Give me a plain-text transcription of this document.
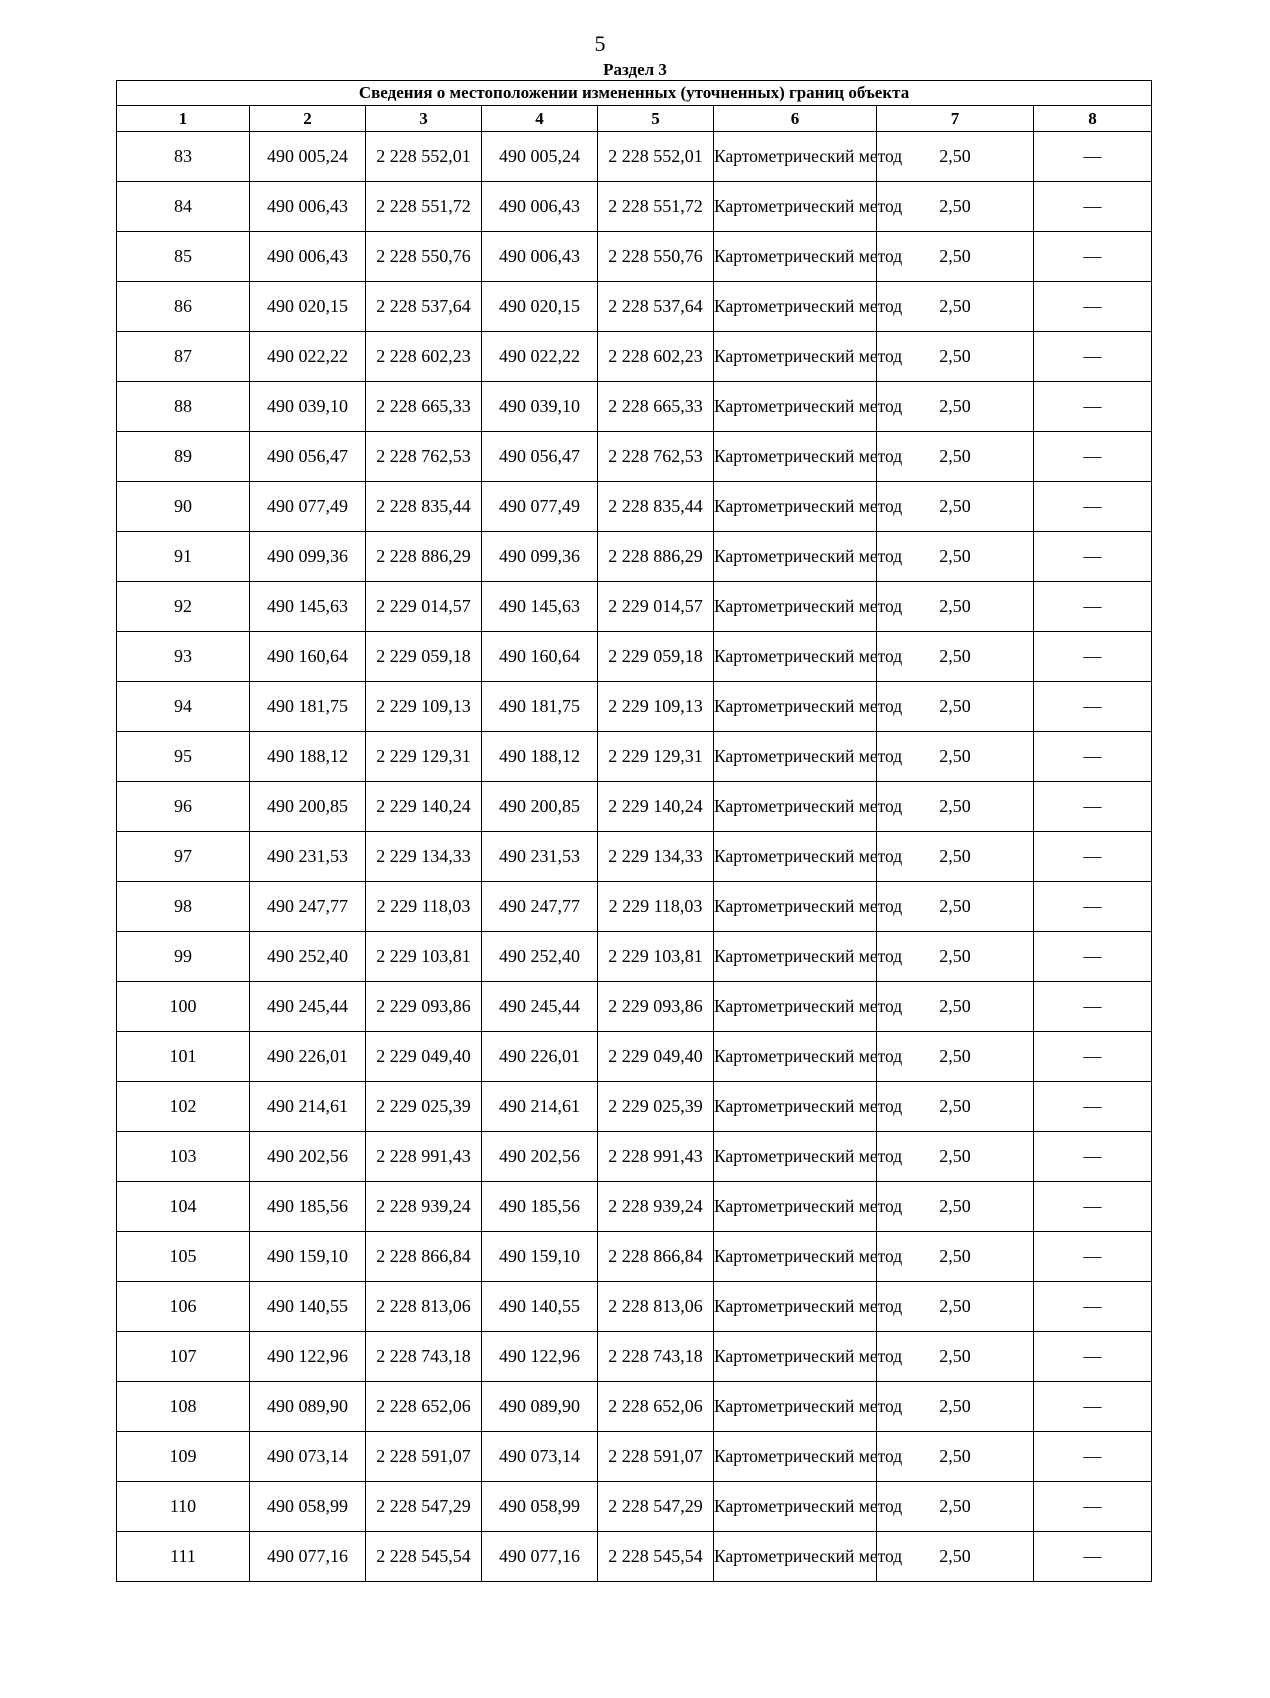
5
Раздел 3
Сведения о местоположении измененных (уточненных) границ объекта							
1	2	3	4	5	6	7	8
83	490 005,24	2 228 552,01	490 005,24	2 228 552,01	Картометрический метод	2,50	—
84	490 006,43	2 228 551,72	490 006,43	2 228 551,72	Картометрический метод	2,50	—
85	490 006,43	2 228 550,76	490 006,43	2 228 550,76	Картометрический метод	2,50	—
86	490 020,15	2 228 537,64	490 020,15	2 228 537,64	Картометрический метод	2,50	—
87	490 022,22	2 228 602,23	490 022,22	2 228 602,23	Картометрический метод	2,50	—
88	490 039,10	2 228 665,33	490 039,10	2 228 665,33	Картометрический метод	2,50	—
89	490 056,47	2 228 762,53	490 056,47	2 228 762,53	Картометрический метод	2,50	—
90	490 077,49	2 228 835,44	490 077,49	2 228 835,44	Картометрический метод	2,50	—
91	490 099,36	2 228 886,29	490 099,36	2 228 886,29	Картометрический метод	2,50	—
92	490 145,63	2 229 014,57	490 145,63	2 229 014,57	Картометрический метод	2,50	—
93	490 160,64	2 229 059,18	490 160,64	2 229 059,18	Картометрический метод	2,50	—
94	490 181,75	2 229 109,13	490 181,75	2 229 109,13	Картометрический метод	2,50	—
95	490 188,12	2 229 129,31	490 188,12	2 229 129,31	Картометрический метод	2,50	—
96	490 200,85	2 229 140,24	490 200,85	2 229 140,24	Картометрический метод	2,50	—
97	490 231,53	2 229 134,33	490 231,53	2 229 134,33	Картометрический метод	2,50	—
98	490 247,77	2 229 118,03	490 247,77	2 229 118,03	Картометрический метод	2,50	—
99	490 252,40	2 229 103,81	490 252,40	2 229 103,81	Картометрический метод	2,50	—
100	490 245,44	2 229 093,86	490 245,44	2 229 093,86	Картометрический метод	2,50	—
101	490 226,01	2 229 049,40	490 226,01	2 229 049,40	Картометрический метод	2,50	—
102	490 214,61	2 229 025,39	490 214,61	2 229 025,39	Картометрический метод	2,50	—
103	490 202,56	2 228 991,43	490 202,56	2 228 991,43	Картометрический метод	2,50	—
104	490 185,56	2 228 939,24	490 185,56	2 228 939,24	Картометрический метод	2,50	—
105	490 159,10	2 228 866,84	490 159,10	2 228 866,84	Картометрический метод	2,50	—
106	490 140,55	2 228 813,06	490 140,55	2 228 813,06	Картометрический метод	2,50	—
107	490 122,96	2 228 743,18	490 122,96	2 228 743,18	Картометрический метод	2,50	—
108	490 089,90	2 228 652,06	490 089,90	2 228 652,06	Картометрический метод	2,50	—
109	490 073,14	2 228 591,07	490 073,14	2 228 591,07	Картометрический метод	2,50	—
110	490 058,99	2 228 547,29	490 058,99	2 228 547,29	Картометрический метод	2,50	—
111	490 077,16	2 228 545,54	490 077,16	2 228 545,54	Картометрический метод	2,50	—
